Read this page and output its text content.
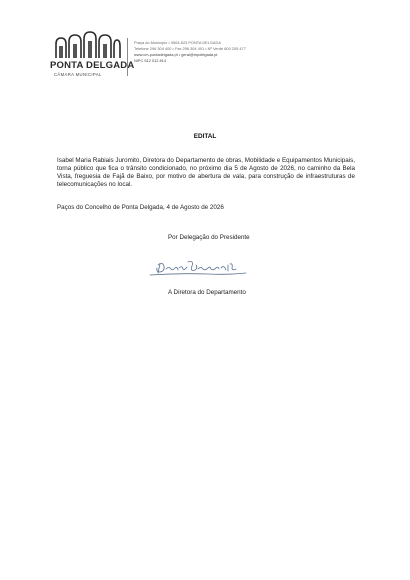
PONTA DELGADA
CÂMARA MUNICIPAL
Praça do Município • 9504-523 PONTA DELGADA
Telefone 296 304 400 • Fax 296 304 401 • Nº Verde 800 205 477
www.cm-pontadelgada.pt • geral@mpdelgada.pt
NIPC 512 012 814
EDITAL
Isabel Maria Rabiais Juromito, Diretora do Departamento de obras, Mobilidade e Equipamentos Municipais, torna público que fica o trânsito condicionado, no próximo dia 5 de Agosto de 2026, no caminho da Bela Vista, freguesia de Fajã de Baixo, por motivo de abertura de vala, para construção de infraestruturas de telecomunicações no local.
Paços do Concelho de Ponta Delgada, 4 de Agosto de 2026
Por Delegação do Presidente
A Diretora do Departamento
